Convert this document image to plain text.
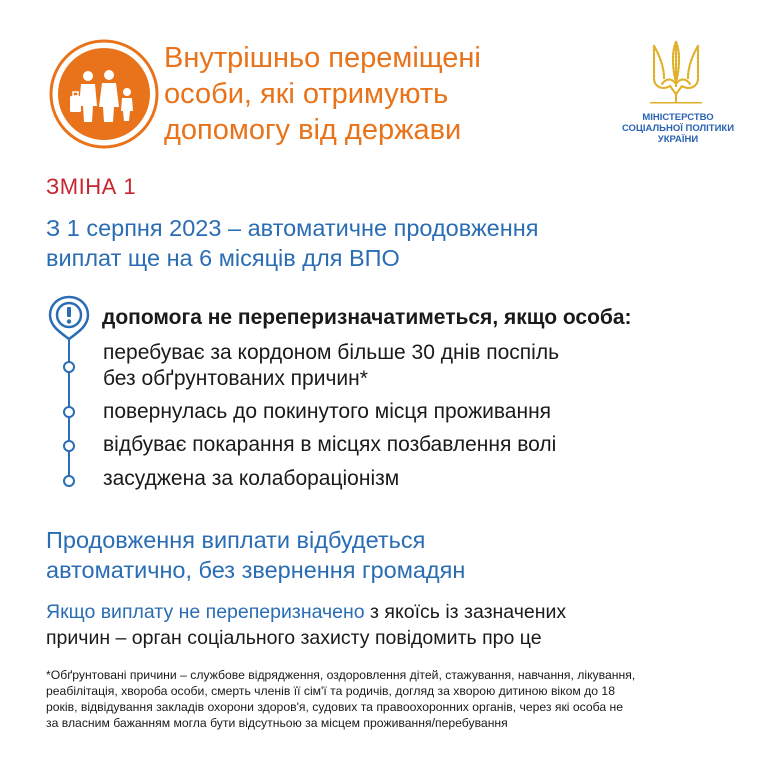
Внутрішньо переміщені
особи, які отримують
допомогу від держави	МІНІСТЕРСТВО
СОЦІАЛЬНОЇ ПОЛІТИКИ
УКРАЇНИ
ЗМІНА 1
З 1 серпня 2023 – автоматичне продовження
виплат ще на 6 місяців для ВПО
допомога не переперизначатиметься, якщо особа:
перебуває за кордоном більше 30 днів поспіль
без обґрунтованих причин*
повернулась до покинутого місця проживання
відбуває покарання в місцях позбавлення волі
засуджена за колабораціонізм
Продовження виплати відбудеться
автоматично, без звернення громадян
Якщо виплату не переперизначено з якоїсь із зазначених
причин – орган соціального захисту повідомить про це
*Обґрунтовані причини – службове відрядження, оздоровлення дітей, стажування, навчання, лікування,
реабілітація, хвороба особи, смерть членів її сім'ї та родичів, догляд за хворою дитиною віком до 18
років, відвідування закладів охорони здоров'я, судових та правоохоронних органів, через які особа не
за власним бажанням могла бути відсутньою за місцем проживання/перебування
